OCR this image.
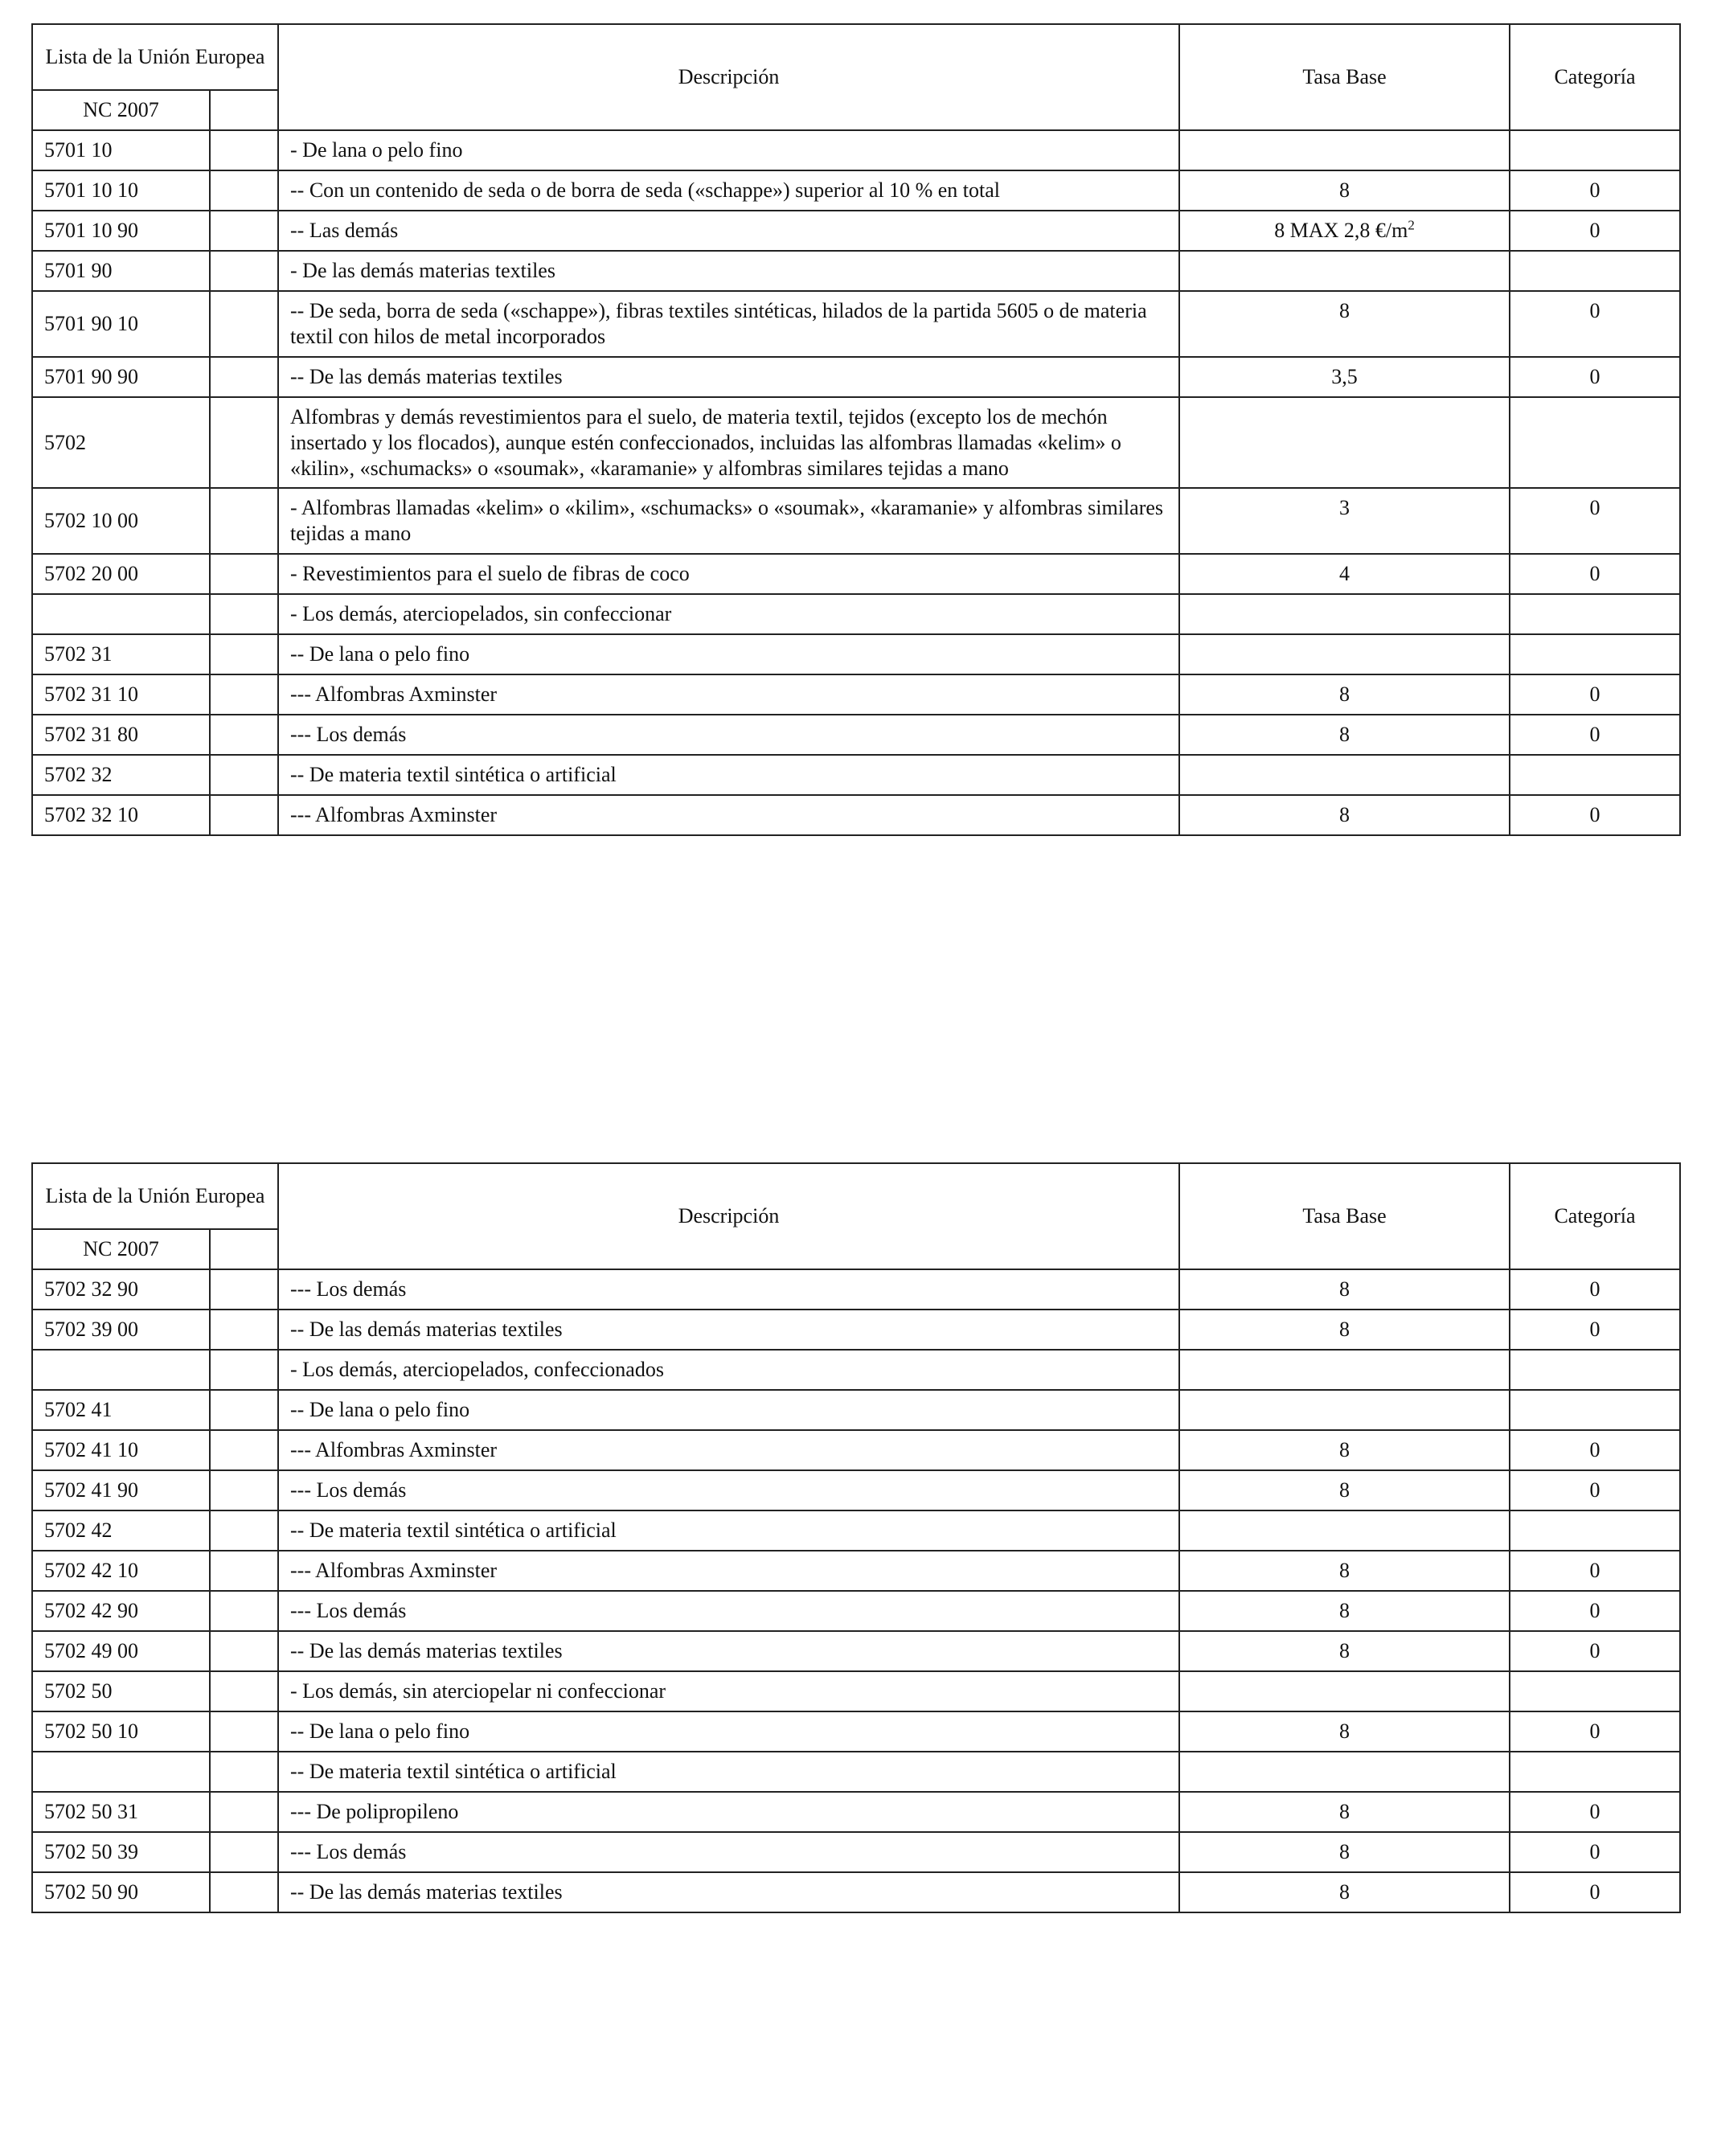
Lista de la Unión Europea		Descripción	Tasa Base	Categoría
NC 2007				
5701 10		- De lana o pelo fino		
5701 10 10		-- Con un contenido de seda o de borra de seda («schappe») superior al 10 % en total	8	0
5701 10 90		-- Las demás	8 MAX 2,8 $€/m^2$	0
5701 90		- De las demás materias textiles		
5701 90 10		-- De seda, borra de seda («schappe»), fibras textiles sintéticas, hilados de la partida 5605 o de materia textil con hilos de metal incorporados	8	0
5701 90 90		-- De las demás materias textiles	3,5	0
5702		Alfombras y demás revestimientos para el suelo, de materia textil, tejidos (excepto los de mechón insertado y los flocados), aunque estén confeccionados, incluidas las alfombras llamadas «kelim» o «kilin», «schumacks» o «soumak», «karamanie» y alfombras similares tejidas a mano		
5702 10 00		- Alfombras llamadas «kelim» o «kilim», «schumacks» o «soumak», «karamanie» y alfombras similares tejidas a mano	3	0
5702 20 00		- Revestimientos para el suelo de fibras de coco	4	0
		- Los demás, aterciopelados, sin confeccionar		
5702 31		-- De lana o pelo fino		
5702 31 10		--- Alfombras Axminster	8	0
5702 31 80		--- Los demás	8	0
5702 32		-- De materia textil sintética o artificial		
5702 32 10		--- Alfombras Axminster	8	0
Lista de la Unión Europea		Descripción	Tasa Base	Categoría
NC 2007				
5702 32 90		--- Los demás	8	0
5702 39 00		-- De las demás materias textiles	8	0
		- Los demás, aterciopelados, confeccionados		
5702 41		-- De lana o pelo fino		
5702 41 10		--- Alfombras Axminster	8	0
5702 41 90		--- Los demás	8	0
5702 42		-- De materia textil sintética o artificial		
5702 42 10		--- Alfombras Axminster	8	0
5702 42 90		--- Los demás	8	0
5702 49 00		-- De las demás materias textiles	8	0
5702 50		- Los demás, sin aterciopelar ni confeccionar		
5702 50 10		-- De lana o pelo fino	8	0
		-- De materia textil sintética o artificial		
5702 50 31		--- De polipropileno	8	0
5702 50 39		--- Los demás	8	0
5702 50 90		-- De las demás materias textiles	8	0
